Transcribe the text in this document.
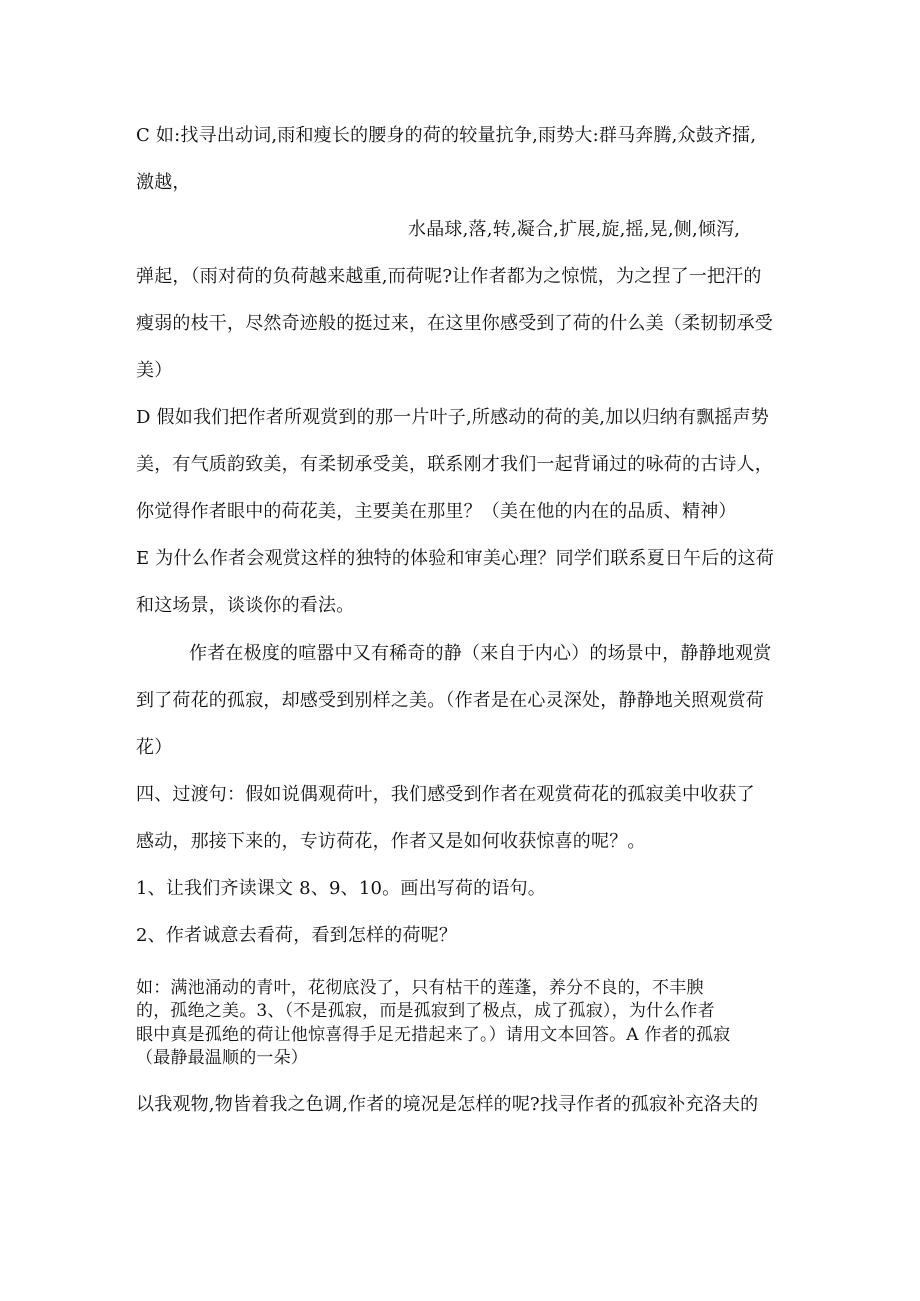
C 如:找寻出动词,雨和瘦长的腰身的荷的较量抗争,雨势大:群马奔腾,众鼓齐擂,
激越，
水晶球,落,转,凝合,扩展,旋,摇,晃,侧,倾泻,
弹起，（雨对荷的负荷越来越重,而荷呢?让作者都为之惊慌，为之捏了一把汗的
瘦弱的枝干，尽然奇迹般的挺过来，在这里你感受到了荷的什么美（柔韧韧承受
美）
D 假如我们把作者所观赏到的那一片叶子,所感动的荷的美,加以归纳有飘摇声势
美，有气质韵致美，有柔韧承受美，联系刚才我们一起背诵过的咏荷的古诗人，
你觉得作者眼中的荷花美，主要美在那里？（美在他的内在的品质、精神）
E 为什么作者会观赏这样的独特的体验和审美心理？同学们联系夏日午后的这荷
和这场景，谈谈你的看法。
作者在极度的喧嚣中又有稀奇的静（来自于内心）的场景中，静静地观赏
到了荷花的孤寂，却感受到别样之美。（作者是在心灵深处，静静地关照观赏荷
花）
四、过渡句：假如说偶观荷叶，我们感受到作者在观赏荷花的孤寂美中收获了
感动，那接下来的，专访荷花，作者又是如何收获惊喜的呢？。
1、让我们齐读课文 8、9、10。画出写荷的语句。
2、作者诚意去看荷，看到怎样的荷呢？
如：满池涌动的青叶，花彻底没了，只有枯干的莲蓬，养分不良的，不丰腴
的，孤绝之美。3、（不是孤寂，而是孤寂到了极点，成了孤寂），为什么作者
眼中真是孤绝的荷让他惊喜得手足无措起来了。）请用文本回答。A 作者的孤寂
（最静最温顺的一朵）
以我观物,物皆着我之色调,作者的境况是怎样的呢?找寻作者的孤寂补充洛夫的
